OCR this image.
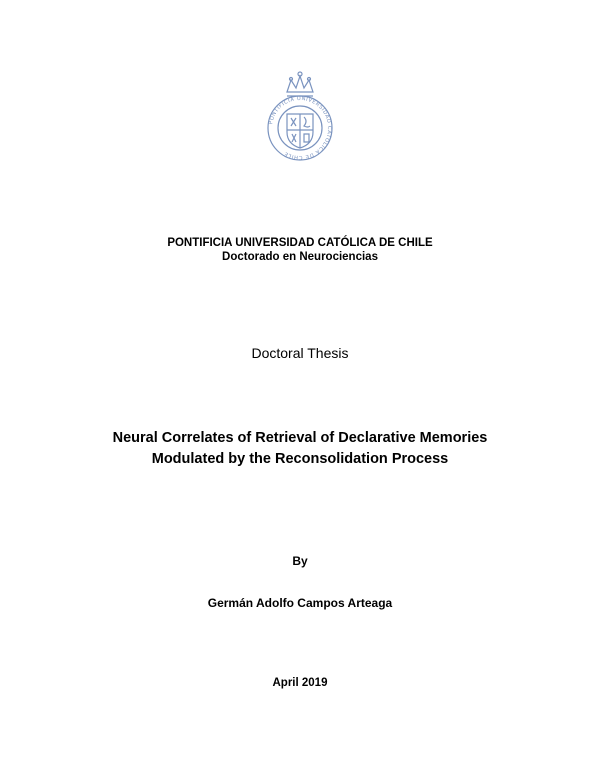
PONTIFICIA UNIVERSIDAD CATOLICA DE CHILE
PONTIFICIA UNIVERSIDAD CATÓLICA DE CHILE
Doctorado en Neurociencias
Doctoral Thesis
Neural Correlates of Retrieval of Declarative Memories
Modulated by the Reconsolidation Process
By
Germán Adolfo Campos Arteaga
April 2019
